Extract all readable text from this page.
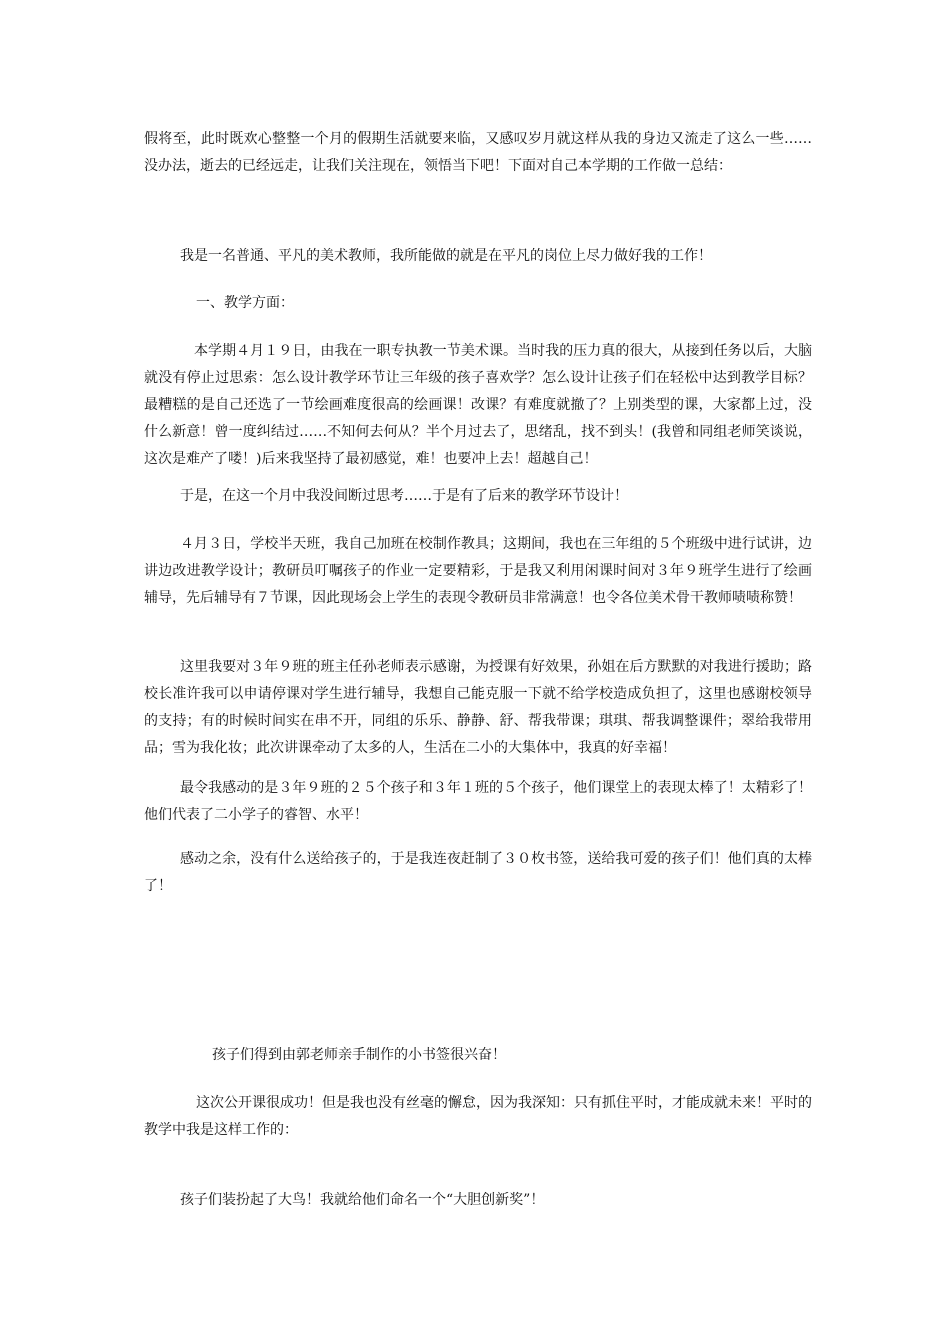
假将至，此时既欢心整整一个月的假期生活就要来临，又感叹岁月就这样从我的身边又流走了这么一些……没办法，逝去的已经远走，让我们关注现在，领悟当下吧！下面对自己本学期的工作做一总结：

我是一名普通、平凡的美术教师，我所能做的就是在平凡的岗位上尽力做好我的工作！

一、教学方面：

本学期４月１９日，由我在一职专执教一节美术课。当时我的压力真的很大，从接到任务以后，大脑就没有停止过思索：怎么设计教学环节让三年级的孩子喜欢学？怎么设计让孩子们在轻松中达到教学目标？最糟糕的是自己还选了一节绘画难度很高的绘画课！改课？有难度就撤了？上别类型的课，大家都上过，没什么新意！曾一度纠结过……不知何去何从？半个月过去了，思绪乱，找不到头！(我曾和同组老师笑谈说，这次是难产了喽！)后来我坚持了最初感觉，难！也要冲上去！超越自己！

于是，在这一个月中我没间断过思考……于是有了后来的教学环节设计！

４月３日，学校半天班，我自己加班在校制作教具；这期间，我也在三年组的５个班级中进行试讲，边讲边改进教学设计；教研员叮嘱孩子的作业一定要精彩，于是我又利用闲课时间对３年９班学生进行了绘画辅导，先后辅导有７节课，因此现场会上学生的表现令教研员非常满意！也令各位美术骨干教师啧啧称赞！

这里我要对３年９班的班主任孙老师表示感谢，为授课有好效果，孙姐在后方默默的对我进行援助；路校长准许我可以申请停课对学生进行辅导，我想自己能克服一下就不给学校造成负担了，这里也感谢校领导的支持；有的时候时间实在串不开，同组的乐乐、静静、舒、帮我带课；琪琪、帮我调整课件；翠给我带用品；雪为我化妆；此次讲课牵动了太多的人，生活在二小的大集体中，我真的好幸福！

最令我感动的是３年９班的２５个孩子和３年１班的５个孩子，他们课堂上的表现太棒了！太精彩了！他们代表了二小学子的睿智、水平！

感动之余，没有什么送给孩子的，于是我连夜赶制了３０枚书签，送给我可爱的孩子们！他们真的太棒了！

孩子们得到由郭老师亲手制作的小书签很兴奋！

这次公开课很成功！但是我也没有丝毫的懈怠，因为我深知：只有抓住平时，才能成就未来！平时的教学中我是这样工作的：

孩子们装扮起了大鸟！我就给他们命名一个“大胆创新奖”！
